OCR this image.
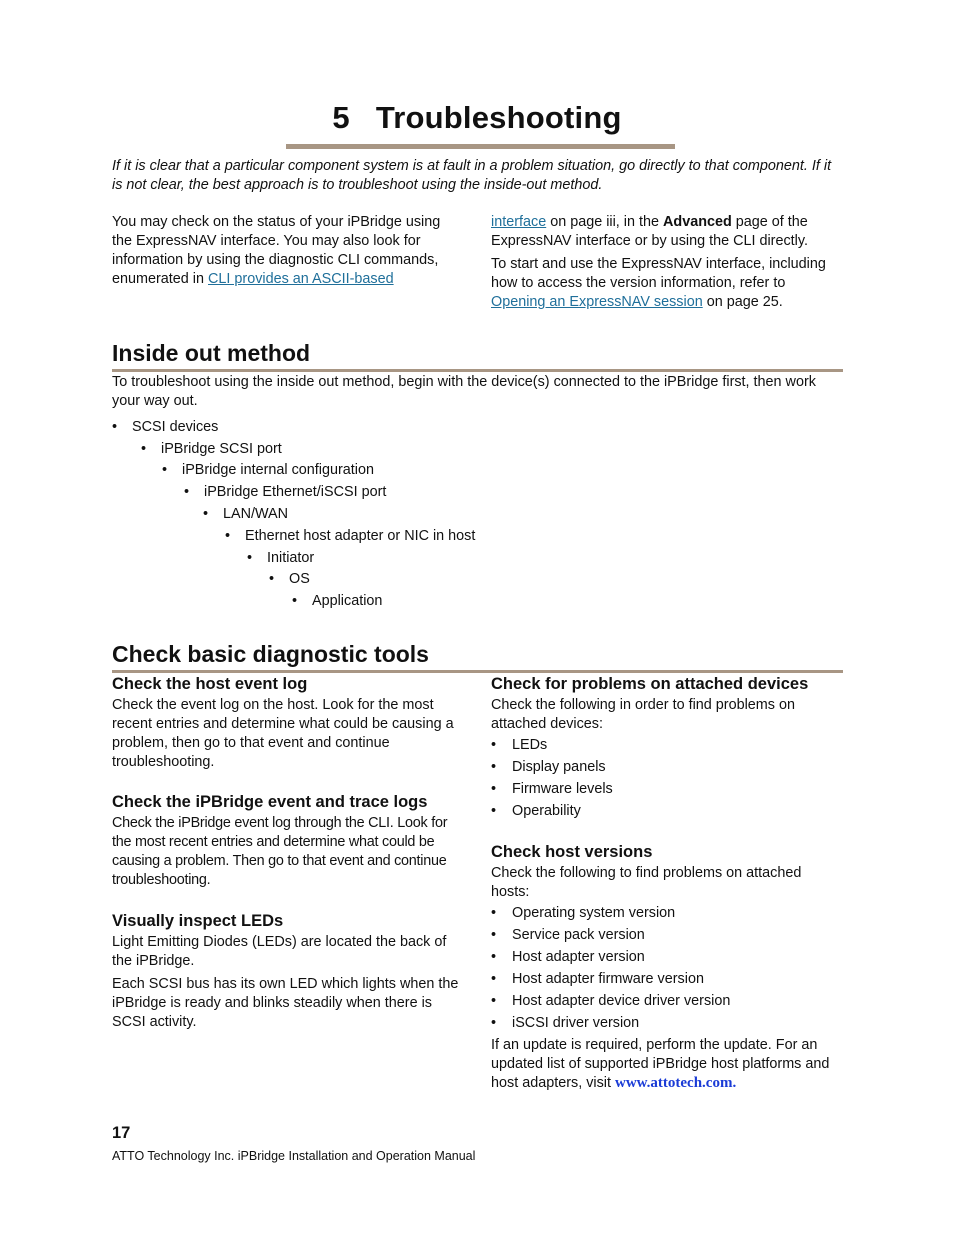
5 Troubleshooting
If it is clear that a particular component system is at fault in a problem situation, go directly to that component. If it is not clear, the best approach is to troubleshoot using the inside-out method.
You may check on the status of your iPBridge using the ExpressNAV interface. You may also look for information by using the diagnostic CLI commands, enumerated in CLI provides an ASCII-based

interface on page iii, in the Advanced page of the ExpressNAV interface or by using the CLI directly.

To start and use the ExpressNAV interface, including how to access the version information, refer to Opening an ExpressNAV session on page 25.

Inside out method
To troubleshoot using the inside out method, begin with the device(s) connected to the iPBridge first, then work your way out.
• SCSI devices
• iPBridge SCSI port
• iPBridge internal configuration
• iPBridge Ethernet/iSCSI port
• LAN/WAN
• Ethernet host adapter or NIC in host
• Initiator
• OS
• Application
Check basic diagnostic tools
Check the host event log
Check the event log on the host. Look for the most recent entries and determine what could be causing a problem, then go to that event and continue troubleshooting.
Check the iPBridge event and trace logs
Check the iPBridge event log through the CLI. Look for the most recent entries and determine what could be causing a problem. Then go to that event and continue troubleshooting.
Visually inspect LEDs

Light Emitting Diodes (LEDs) are located the back of the iPBridge.

Each SCSI bus has its own LED which lights when the iPBridge is ready and blinks steadily when there is SCSI activity.

Check for problems on attached devices
Check the following in order to find problems on attached devices:
• LEDs
• Display panels
• Firmware levels
• Operability
Check host versions
Check the following to find problems on attached hosts:
• Operating system version
• Service pack version
• Host adapter version
• Host adapter firmware version
• Host adapter device driver version
• iSCSI driver version
If an update is required, perform the update. For an updated list of supported iPBridge host platforms and host adapters, visit www.attotech.com.
17
ATTO Technology Inc. iPBridge Installation and Operation Manual
